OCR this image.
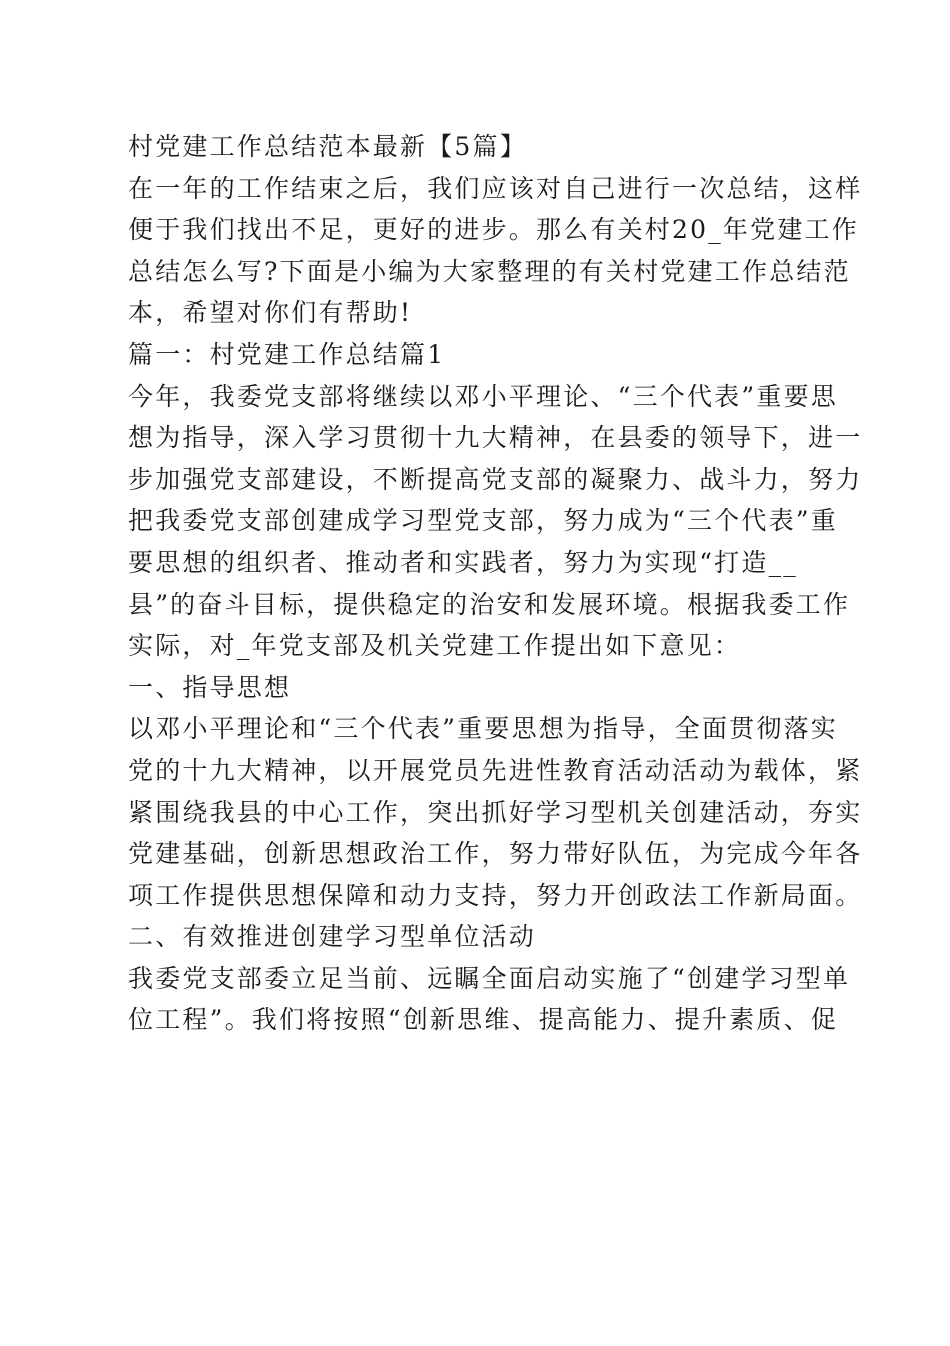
村党建工作总结范本最新【5篇】
在一年的工作结束之后，我们应该对自己进行一次总结，这样
便于我们找出不足，更好的进步。那么有关村20_年党建工作
总结怎么写?下面是小编为大家整理的有关村党建工作总结范
本，希望对你们有帮助!
篇一：村党建工作总结篇1
今年，我委党支部将继续以邓小平理论、“三个代表”重要思
想为指导，深入学习贯彻十九大精神，在县委的领导下，进一
步加强党支部建设，不断提高党支部的凝聚力、战斗力，努力
把我委党支部创建成学习型党支部，努力成为“三个代表”重
要思想的组织者、推动者和实践者，努力为实现“打造__
县”的奋斗目标，提供稳定的治安和发展环境。根据我委工作
实际，对_年党支部及机关党建工作提出如下意见：
一、指导思想
以邓小平理论和“三个代表”重要思想为指导，全面贯彻落实
党的十九大精神，以开展党员先进性教育活动活动为载体，紧
紧围绕我县的中心工作，突出抓好学习型机关创建活动，夯实
党建基础，创新思想政治工作，努力带好队伍，为完成今年各
项工作提供思想保障和动力支持，努力开创政法工作新局面。
二、有效推进创建学习型单位活动
我委党支部委立足当前、远瞩全面启动实施了“创建学习型单
位工程”。我们将按照“创新思维、提高能力、提升素质、促
